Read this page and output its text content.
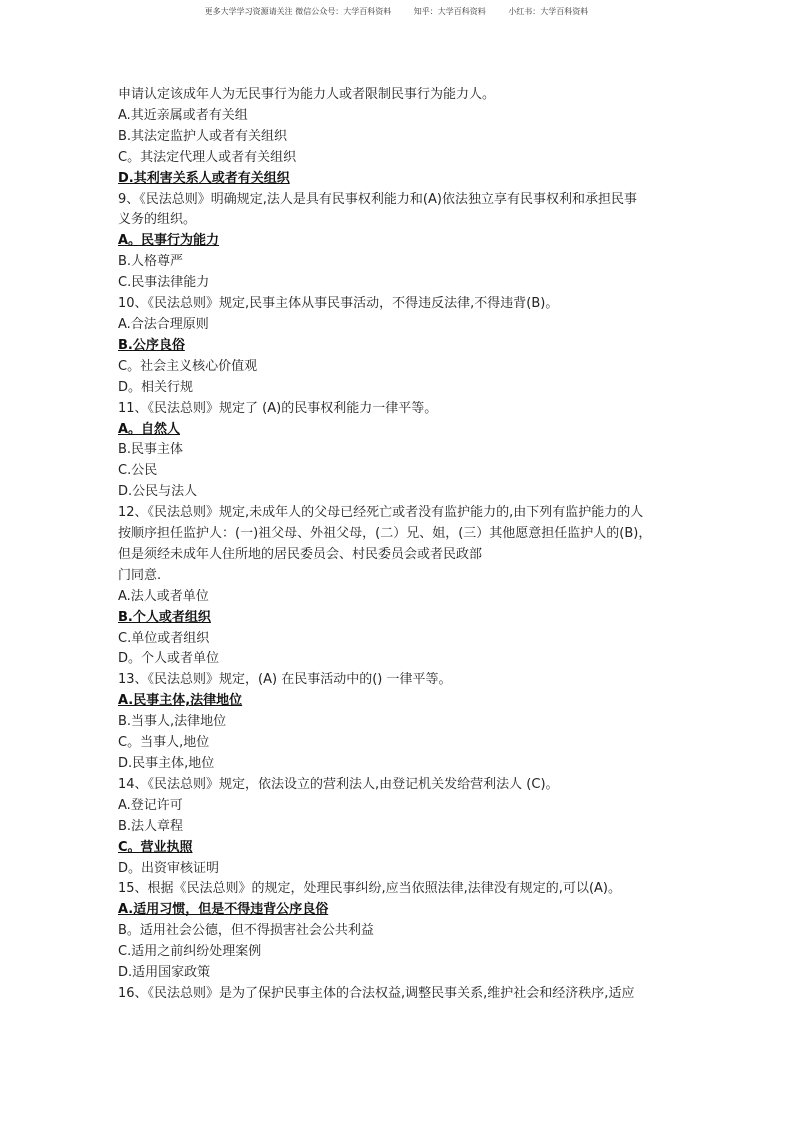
更多大学学习资源请关注 微信公众号：大学百科资料	知乎：大学百科资料	小红书：大学百科资料
申请认定该成年人为无民事行为能力人或者限制民事行为能力人。
A.其近亲属或者有关组
B.其法定监护人或者有关组织
C。其法定代理人或者有关组织
D.其利害关系人或者有关组织
9、《民法总则》明确规定,法人是具有民事权利能力和(A)依法独立享有民事权利和承担民事
义务的组织。
A。民事行为能力
B.人格尊严
C.民事法律能力
10、《民法总则》规定,民事主体从事民事活动，不得违反法律,不得违背(B)。
A.合法合理原则
B.公序良俗
C。社会主义核心价值观
D。相关行规
11、《民法总则》规定了 (A)的民事权利能力一律平等。
A。自然人
B.民事主体
C.公民
D.公民与法人
12、《民法总则》规定,未成年人的父母已经死亡或者没有监护能力的,由下列有监护能力的人
按顺序担任监护人：(一)祖父母、外祖父母，(二）兄、姐，(三）其他愿意担任监护人的(B)，
但是须经未成年人住所地的居民委员会、村民委员会或者民政部
门同意.
A.法人或者单位
B.个人或者组织
C.单位或者组织
D。个人或者单位
13、《民法总则》规定，(A) 在民事活动中的() 一律平等。
A.民事主体,法律地位
B.当事人,法律地位
C。当事人,地位
D.民事主体,地位
14、《民法总则》规定，依法设立的营利法人,由登记机关发给营利法人 (C)。
A.登记许可
B.法人章程
C。营业执照
D。出资审核证明
15、根据《民法总则》的规定，处理民事纠纷,应当依照法律,法律没有规定的,可以(A)。
A.适用习惯，但是不得违背公序良俗
B。适用社会公德，但不得损害社会公共利益
C.适用之前纠纷处理案例
D.适用国家政策
16、《民法总则》是为了保护民事主体的合法权益,调整民事关系,维护社会和经济秩序,适应
